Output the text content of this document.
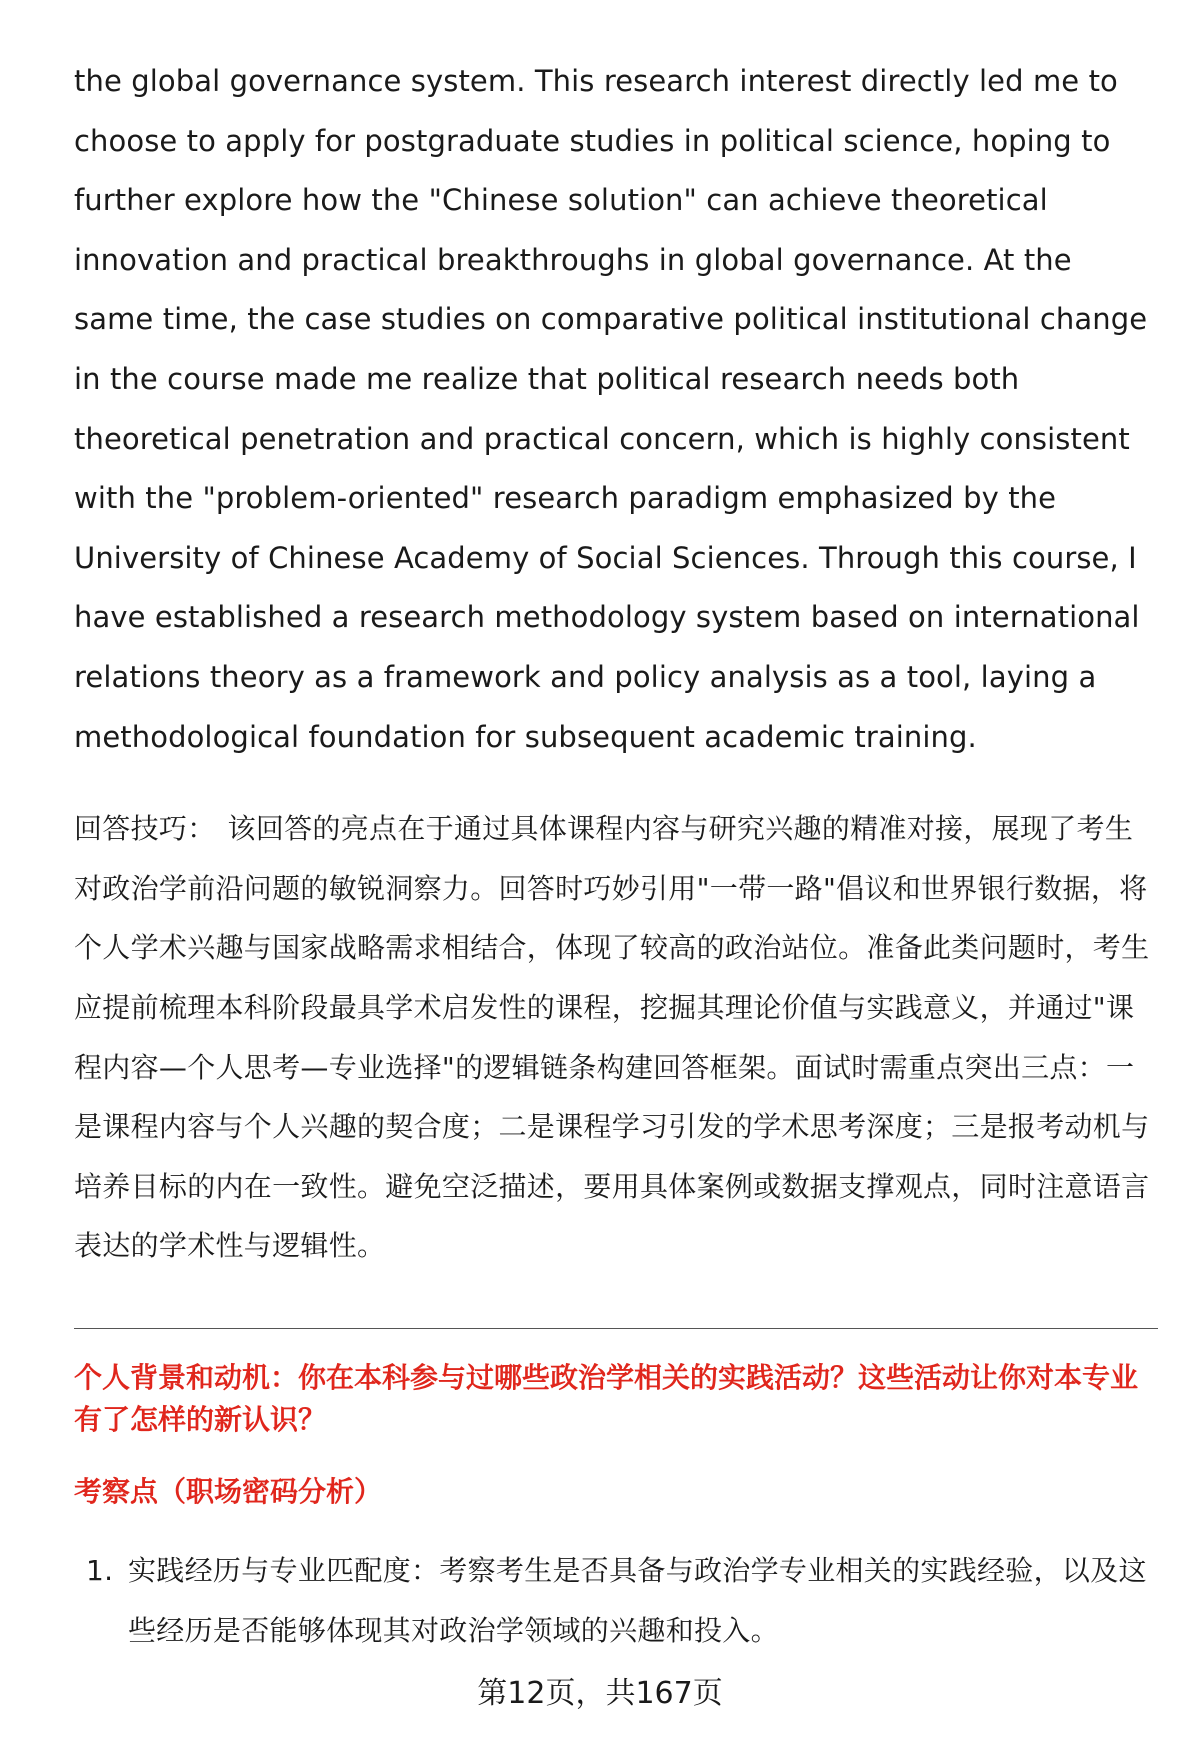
the global governance system. This research interest directly led me to choose to apply for postgraduate studies in political science, hoping to further explore how the "Chinese solution" can achieve theoretical innovation and practical breakthroughs in global governance. At the same time, the case studies on comparative political institutional change in the course made me realize that political research needs both theoretical penetration and practical concern, which is highly consistent with the "problem-oriented" research paradigm emphasized by the University of Chinese Academy of Social Sciences. Through this course, I have established a research methodology system based on international relations theory as a framework and policy analysis as a tool, laying a methodological foundation for subsequent academic training.

回答技巧： 该回答的亮点在于通过具体课程内容与研究兴趣的精准对接，展现了考生对政治学前沿问题的敏锐洞察力。回答时巧妙引用"一带一路"倡议和世界银行数据，将个人学术兴趣与国家战略需求相结合，体现了较高的政治站位。准备此类问题时，考生应提前梳理本科阶段最具学术启发性的课程，挖掘其理论价值与实践意义，并通过"课程内容—个人思考—专业选择"的逻辑链条构建回答框架。面试时需重点突出三点：一是课程内容与个人兴趣的契合度；二是课程学习引发的学术思考深度；三是报考动机与培养目标的内在一致性。避免空泛描述，要用具体案例或数据支撑观点，同时注意语言表达的学术性与逻辑性。

个人背景和动机：你在本科参与过哪些政治学相关的实践活动？这些活动让你对本专业有了怎样的新认识？
考察点（职场密码分析）
1. 实践经历与专业匹配度：考察考生是否具备与政治学专业相关的实践经验，以及这些经历是否能够体现其对政治学领域的兴趣和投入。
第12页，共167页
